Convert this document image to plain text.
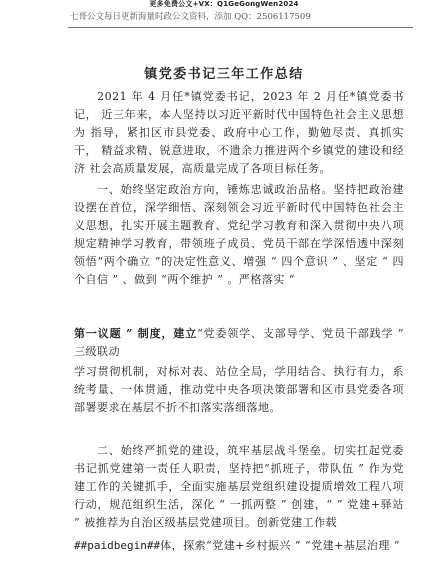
更多免费公文+VX：Q1GeGongWen2024
七哥公文每日更新海量时政公文资料，添加 QQ：2506117509
镇党委书记三年工作总结

2021 年 4 月任*镇党委书记，2023 年 2 月任*镇党委书记， 近三年来，本人坚持以习近平新时代中国特色社会主义思想为 指导，紧扣区市县党委、政府中心工作，勤勉尽责、真抓实干， 精益求精、锐意进取，不遗余力推进两个乡镇党的建设和经济 社会高质量发展，高质量完成了各项目标任务。

一、始终坚定政治方向，锤炼忠诚政治品格。坚持把政治建设摆在首位，深学细悟、深刻领会习近平新时代中国特色社会主义思想，扎实开展主题教育、党纪学习教育和深入贯彻中央八项规定精神学习教育，带领班子成员、党员干部在学深悟透中深刻领悟“两个确立 ”的决定性意义、增强 “ 四个意识 ” 、坚定 “ 四个自信 ” 、做到 “两个维护 ” 。严格落实 “

第一议题 ” 制度，建立“党委领学、支部导学、党员干部践学 ” 三级联动

学习贯彻机制，对标对表、站位全局，学用结合、执行有力，系统考量、一体贯通，推动党中央各项决策部署和区市县党委各项部署要求在基层不折不扣落实落细落地。

二、始终严抓党的建设，筑牢基层战斗堡垒。切实扛起党委书记抓党建第一责任人职责，坚持把“抓班子，带队伍 ” 作为党建工作的关键抓手，全面实施基层党组织建设提质增效工程八项行动，规范组织生活，深化 “ 一抓两整 ” 创建，“ ” 党建+驿站 ” 被推荐为自治区级基层党建项目。创新党建工作载

##paidbegin##体，探索“党建+乡村振兴 ” “党建+基层治理 ”
